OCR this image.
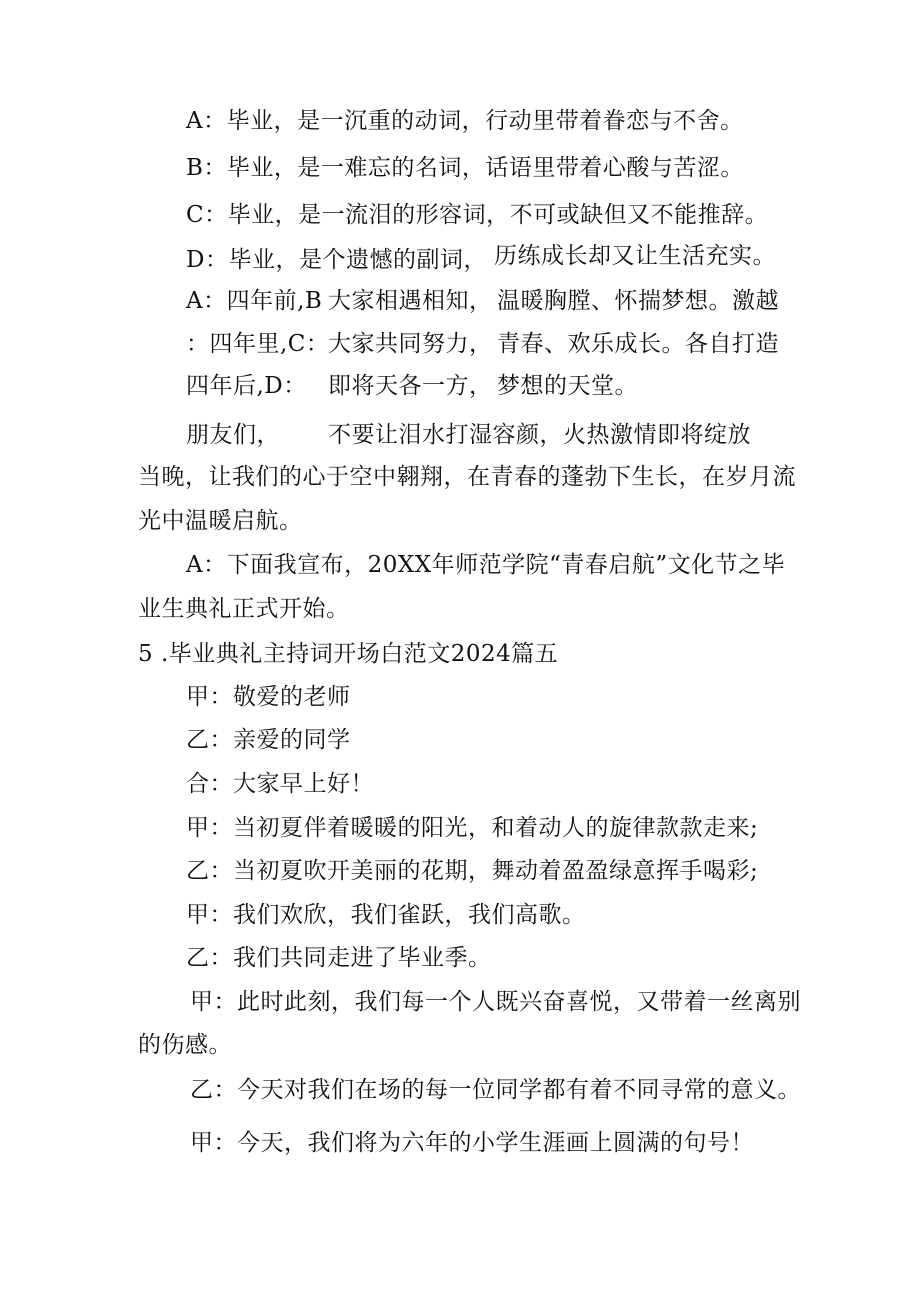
A：毕业，是一沉重的动词，行动里带着眷恋与不舍。
B：毕业，是一难忘的名词，话语里带着心酸与苦涩。
C：毕业，是一流泪的形容词，不可或缺但又不能推辞。
D：毕业，是个遗憾的副词， 历练成长却又让生活充实。
A：四年前,B 大家相遇相知， 温暖胸膛、怀揣梦想。激越
：四年里,C：
大家共同努力， 青春、欢乐成长。各自打造
四年后,D： 即将天各一方， 梦想的天堂。
朋友们， 不要让泪水打湿容颜，火热激情即将绽放
当晚，让我们的心于空中翱翔，在青春的蓬勃下生长，在岁月流
光中温暖启航。
A：下面我宣布，20XX年师范学院“青春启航”文化节之毕
业生典礼正式开始。
5 .毕业典礼主持词开场白范文2024篇五
甲：敬爱的老师
乙：亲爱的同学
合：大家早上好！
甲：当初夏伴着暖暖的阳光，和着动人的旋律款款走来;
乙：当初夏吹开美丽的花期，舞动着盈盈绿意挥手喝彩;
甲：我们欢欣，我们雀跃，我们高歌。
乙：我们共同走进了毕业季。
甲：此时此刻，我们每一个人既兴奋喜悦，又带着一丝离别
的伤感。
乙：今天对我们在场的每一位同学都有着不同寻常的意义。
甲：今天，我们将为六年的小学生涯画上圆满的句号！
